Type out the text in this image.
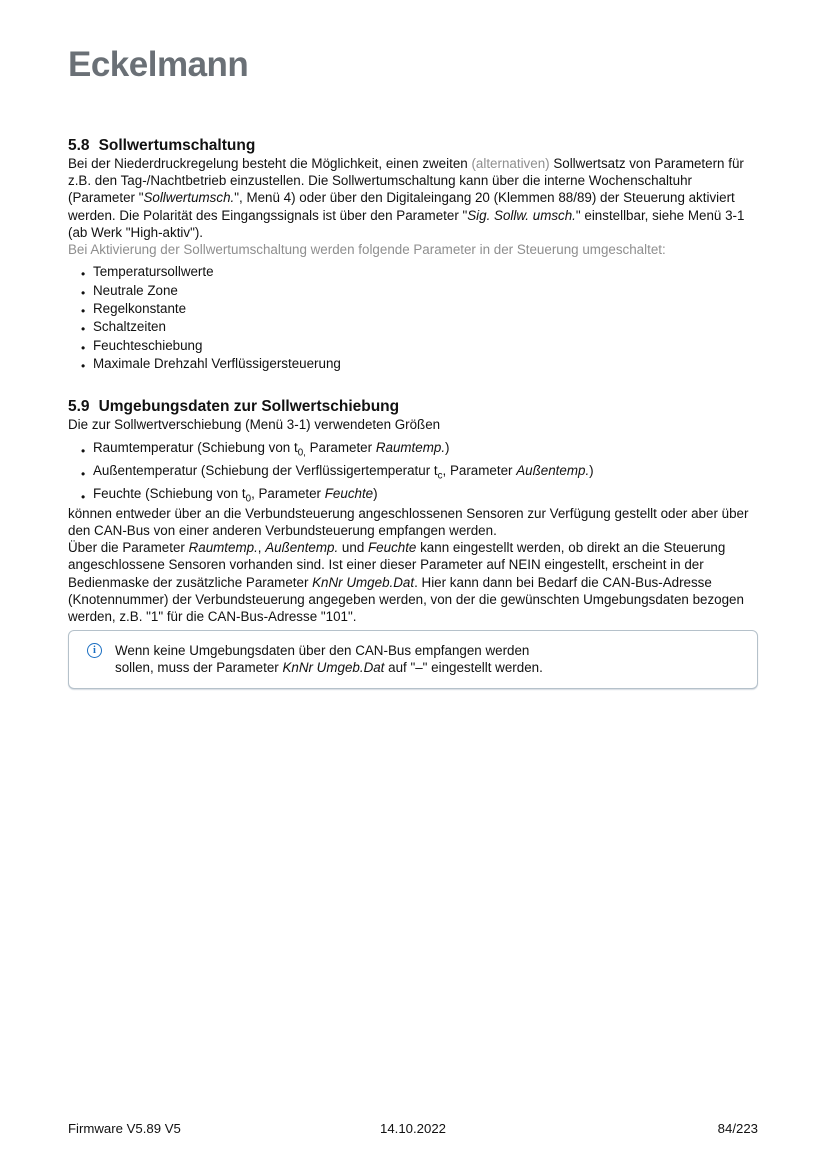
Eckelmann
5.8 Sollwertumschaltung

Bei der Niederdruckregelung besteht die Möglichkeit, einen zweiten (alternativen) Sollwertsatz von Parametern für z.B. den Tag-/Nachtbetrieb einzustellen. Die Sollwertumschaltung kann über die interne Wochenschaltuhr (Parameter "Sollwertumsch.", Menü 4) oder über den Digitaleingang 20 (Klemmen 88/89) der Steuerung aktiviert werden. Die Polarität des Eingangssignals ist über den Parameter "Sig. Sollw. umsch." einstellbar, siehe Menü 3-1 (ab Werk "High-aktiv").

Bei Aktivierung der Sollwertumschaltung werden folgende Parameter in der Steuerung umgeschaltet:

• Temperatursollwerte
• Neutrale Zone
• Regelkonstante
• Schaltzeiten
• Feuchteschiebung
• Maximale Drehzahl Verflüssigersteuerung
5.9 Umgebungsdaten zur Sollwertschiebung

Die zur Sollwertverschiebung (Menü 3-1) verwendeten Größen

• Raumtemperatur (Schiebung von $t_{0,}$ Parameter Raumtemp.)
• Außentemperatur (Schiebung der Verflüssigertemperatur $t_c$, Parameter Außentemp.)
• Feuchte (Schiebung von $t_0$, Parameter Feuchte)

können entweder über an die Verbundsteuerung angeschlossenen Sensoren zur Verfügung gestellt oder aber über den CAN-Bus von einer anderen Verbundsteuerung empfangen werden.

Über die Parameter Raumtemp., Außentemp. und Feuchte kann eingestellt werden, ob direkt an die Steuerung angeschlossene Sensoren vorhanden sind. Ist einer dieser Parameter auf NEIN eingestellt, erscheint in der Bedienmaske der zusätzliche Parameter KnNr Umgeb.Dat. Hier kann dann bei Bedarf die CAN-Bus-Adresse (Knotennummer) der Verbundsteuerung angegeben werden, von der die gewünschten Umgebungsdaten bezogen werden, z.B. "1" für die CAN-Bus-Adresse "101".

i	Wenn keine Umgebungsdaten über den CAN-Bus empfangen werden sollen, muss der Parameter KnNr Umgeb.Dat auf "–" eingestellt werden.
Firmware V5.89 V5	14.10.2022	84/223
